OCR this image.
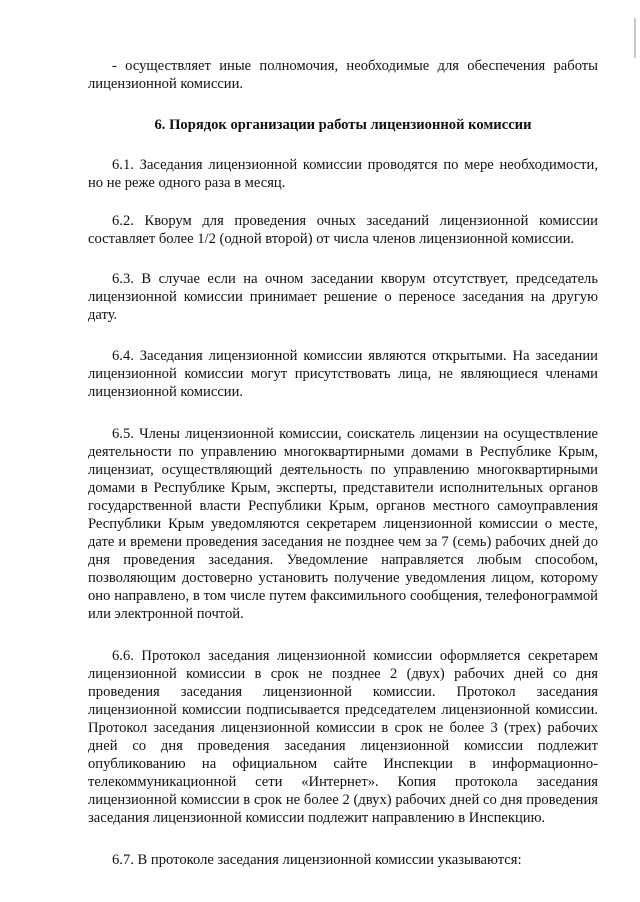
- осуществляет иные полномочия, необходимые для обеспечения работы лицензионной комиссии.

6. Порядок организации работы лицензионной комиссии

6.1. Заседания лицензионной комиссии проводятся по мере необходимости, но не реже одного раза в месяц.

6.2. Кворум для проведения очных заседаний лицензионной комиссии составляет более 1/2 (одной второй) от числа членов лицензионной комиссии.

6.3. В случае если на очном заседании кворум отсутствует, председатель лицензионной комиссии принимает решение о переносе заседания на другую дату.

6.4. Заседания лицензионной комиссии являются открытыми. На заседании лицензионной комиссии могут присутствовать лица, не являющиеся членами лицензионной комиссии.

6.5. Члены лицензионной комиссии, соискатель лицензии на осуществление деятельности по управлению многоквартирными домами в Республике Крым, лицензиат, осуществляющий деятельность по управлению многоквартирными домами в Республике Крым, эксперты, представители исполнительных органов государственной власти Республики Крым, органов местного самоуправления Республики Крым уведомляются секретарем лицензионной комиссии о месте, дате и времени проведения заседания не позднее чем за 7 (семь) рабочих дней до дня проведения заседания. Уведомление направляется любым способом, позволяющим достоверно установить получение уведомления лицом, которому оно направлено, в том числе путем факсимильного сообщения, телефонограммой или электронной почтой.

6.6. Протокол заседания лицензионной комиссии оформляется секретарем лицензионной комиссии в срок не позднее 2 (двух) рабочих дней со дня проведения заседания лицензионной комиссии. Протокол заседания лицензионной комиссии подписывается председателем лицензионной комиссии. Протокол заседания лицензионной комиссии в срок не более 3 (трех) рабочих дней со дня проведения заседания лицензионной комиссии подлежит опубликованию на официальном сайте Инспекции в информационно-телекоммуникационной сети «Интернет». Копия протокола заседания лицензионной комиссии в срок не более 2 (двух) рабочих дней со дня проведения заседания лицензионной комиссии подлежит направлению в Инспекцию.

6.7. В протоколе заседания лицензионной комиссии указываются:
